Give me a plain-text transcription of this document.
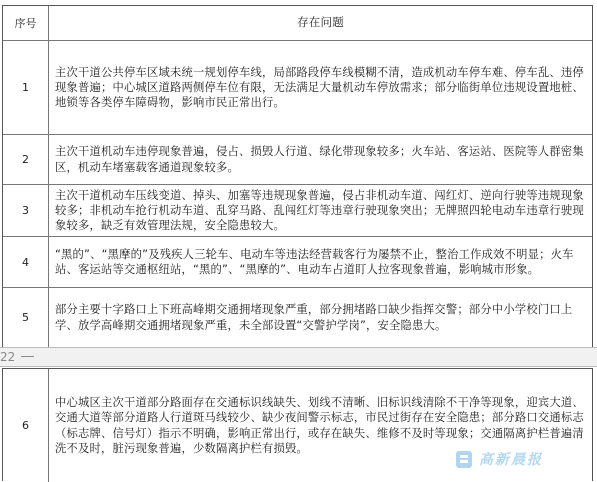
序号	存在问题
1
主次干道公共停车区域未统一规划停车线，局部路段停车线模糊不清，造成机动车停车难、停车乱、违停现象普遍；中心城区道路两侧停车位有限，无法满足大量机动车停放需求；部分临街单位违规设置地桩、地锁等各类停车障碍物，影响市民正常出行。
2
主次干道机动车违停现象普遍，侵占、损毁人行道、绿化带现象较多；火车站、客运站、医院等人群密集区，机动车堵塞载客通道现象较多。
3
主次干道机动车压线变道、掉头、加塞等违规现象普遍，侵占非机动车道、闯红灯、逆向行驶等违规现象较多；非机动车抢行机动车道、乱穿马路、乱闯红灯等违章行驶现象突出；无牌照四轮电动车违章行驶现象较多，缺乏有效管理法规，安全隐患较大。
4
“黑的”、“黑摩的”及残疾人三轮车、电动车等违法经营载客行为屡禁不止，整治工作成效不明显；火车站、客运站等交通枢纽站，“黑的”、“黑摩的”、电动车占道盯人拉客现象普遍，影响城市形象。
5
部分主要十字路口上下班高峰期交通拥堵现象严重，部分拥堵路口缺少指挥交警；部分中小学校门口上学、放学高峰期交通拥堵现象严重，未全部设置“交警护学岗”，安全隐患大。
22
6
中心城区主次干道部分路面存在交通标识线缺失、划线不清晰、旧标识线清除不干净等现象，迎宾大道、交通大道等部分道路人行道斑马线较少、缺少夜间警示标志，市民过街存在安全隐患；部分路口交通标志（标志牌、信号灯）指示不明确，影响正常出行，或存在缺失、维修不及时等现象；交通隔离护栏普遍清洗不及时，脏污现象普遍，少数隔离护栏有损毁。
高新晨报
